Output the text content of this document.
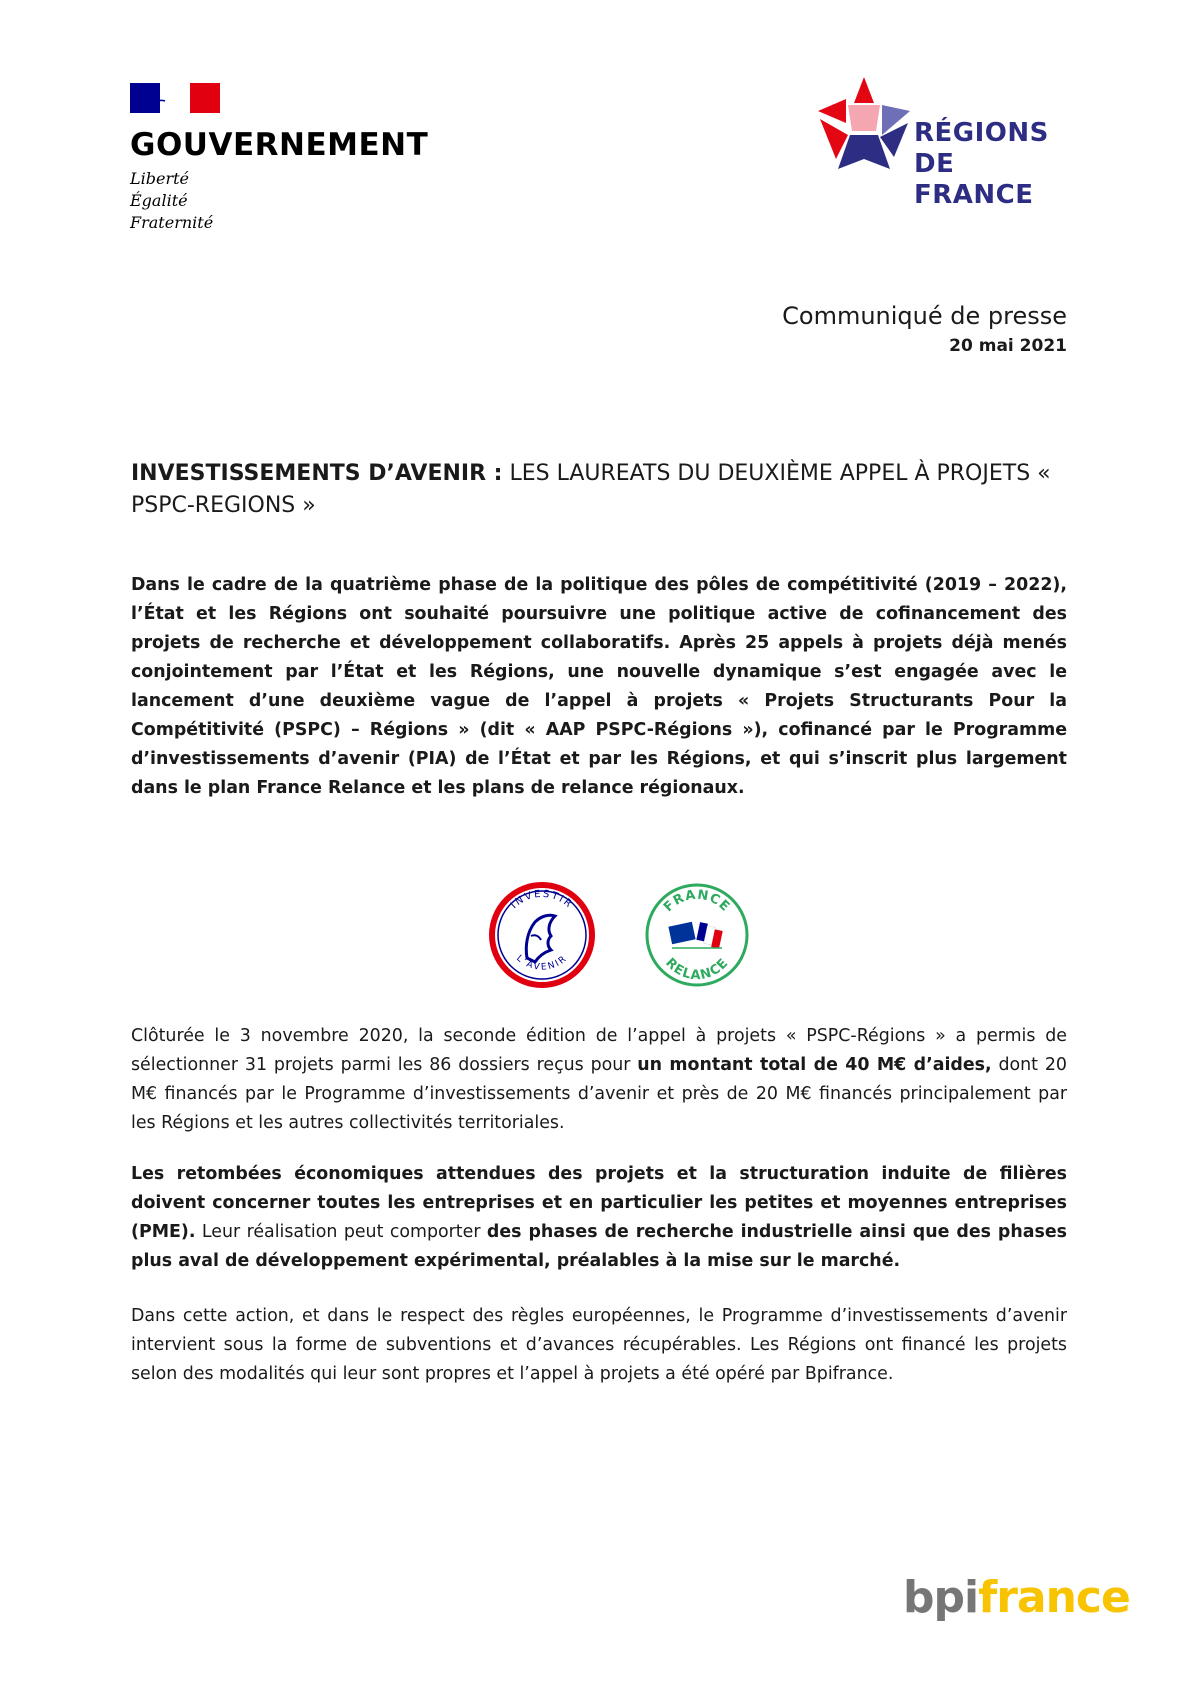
GOUVERNEMENT
Liberté
Égalité
Fraternité
RÉGIONS
DE FRANCE
Communiqué de presse
20 mai 2021
INVESTISSEMENTS D’AVENIR : LES LAUREATS DU DEUXIÈME APPEL À PROJETS « PSPC-REGIONS »
Dans le cadre de la quatrième phase de la politique des pôles de compétitivité (2019 – 2022), l’État et les Régions ont souhaité poursuivre une politique active de cofinancement des projets de recherche et développement collaboratifs. Après 25 appels à projets déjà menés conjointement par l’État et les Régions, une nouvelle dynamique s’est engagée avec le lancement d’une deuxième vague de l’appel à projets « Projets Structurants Pour la Compétitivité (PSPC) – Régions » (dit « AAP PSPC-Régions »), cofinancé par le Programme d’investissements d’avenir (PIA) de l’État et par les Régions, et qui s’inscrit plus largement dans le plan France Relance et les plans de relance régionaux.
INVESTIR
L’AVENIR
FRANCE
RELANCE
Clôturée le 3 novembre 2020, la seconde édition de l’appel à projets « PSPC-Régions » a permis de sélectionner 31 projets parmi les 86 dossiers reçus pour un montant total de 40 M€ d’aides, dont 20 M€ financés par le Programme d’investissements d’avenir et près de 20 M€ financés principalement par les Régions et les autres collectivités territoriales.
Les retombées économiques attendues des projets et la structuration induite de filières doivent concerner toutes les entreprises et en particulier les petites et moyennes entreprises (PME). Leur réalisation peut comporter des phases de recherche industrielle ainsi que des phases plus aval de développement expérimental, préalables à la mise sur le marché.
Dans cette action, et dans le respect des règles européennes, le Programme d’investissements d’avenir intervient sous la forme de subventions et d’avances récupérables. Les Régions ont financé les projets selon des modalités qui leur sont propres et l’appel à projets a été opéré par Bpifrance.
bpifrance
